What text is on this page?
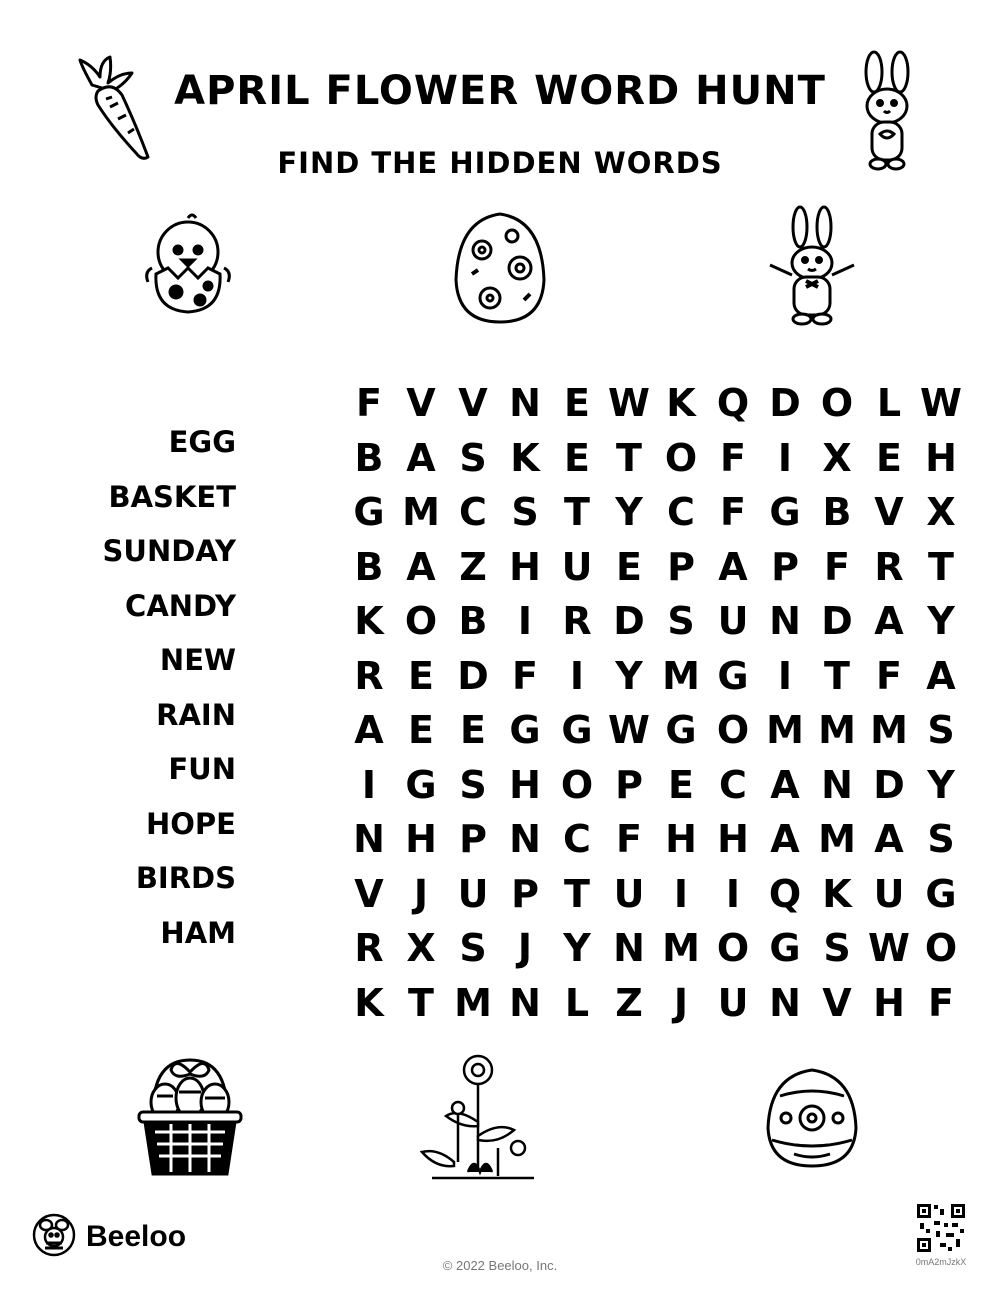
APRIL FLOWER WORD HUNT
FIND THE HIDDEN WORDS
EGG
BASKET
SUNDAY
CANDY
NEW
RAIN
FUN
HOPE
BIRDS
HAM
F V V N E W K Q D O L W
B A S K E T O F I X E H
G M C S T Y C F G B V X
B A Z H U E P A P F R T
K O B I R D S U N D A Y
R E D F I Y M G I T F A
A E E G G W G O M M M S
I G S H O P E C A N D Y
N H P N C F H H A M A S
V J U P T U I I Q K U G
R X S J Y N M O G S W O
K T M N L Z J U N V H F
Beeloo
© 2022 Beeloo, Inc.	0mA2mJzkX
